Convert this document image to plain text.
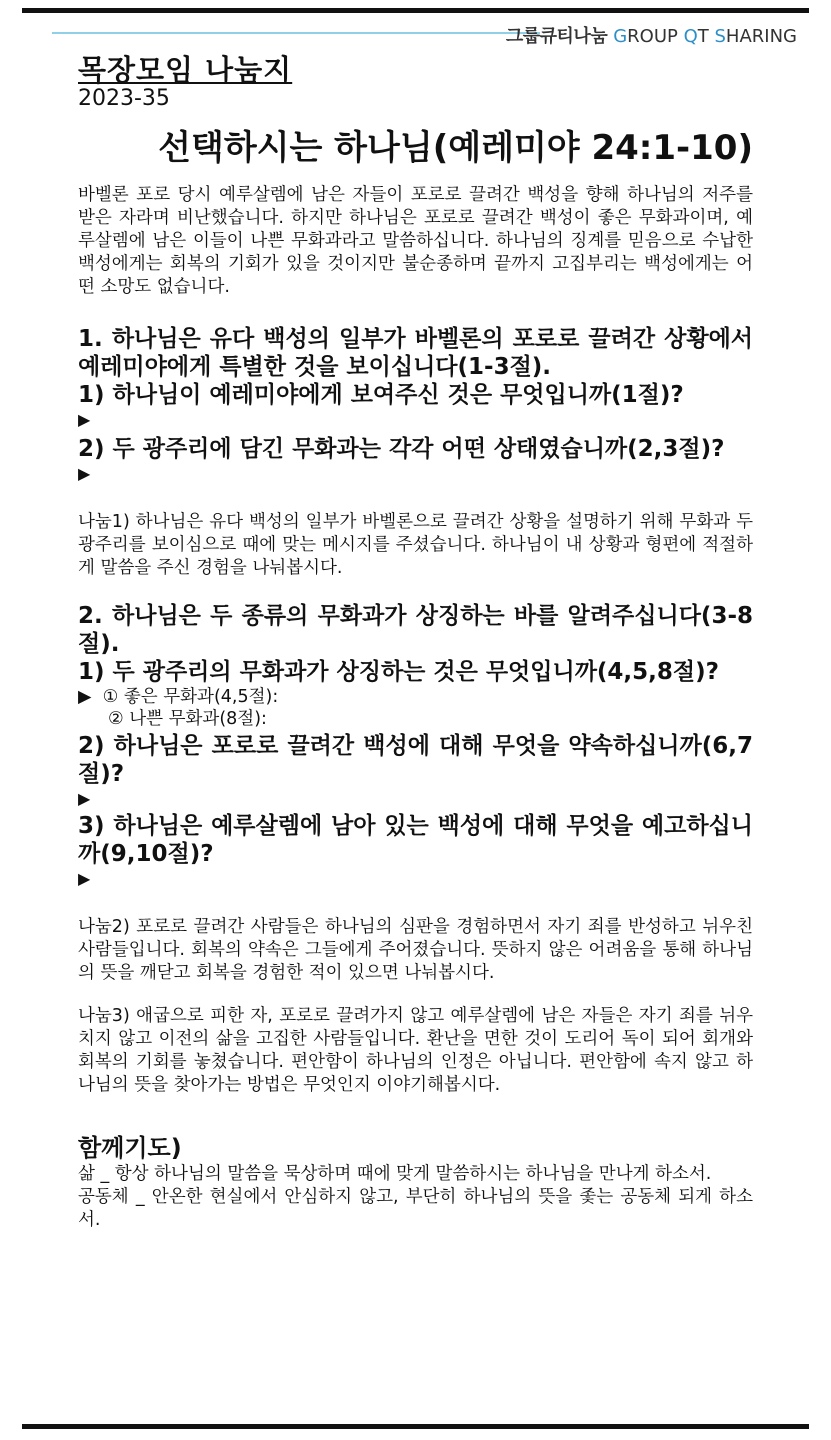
그룹큐티나눔 GROUP QT SHARING
목장모임 나눔지
2023-35
선택하시는 하나님(예레미야 24:1-10)

바벨론 포로 당시 예루살렘에 남은 자들이 포로로 끌려간 백성을 향해 하나님의 저주를 받은 자라며 비난했습니다. 하지만 하나님은 포로로 끌려간 백성이 좋은 무화과이며, 예루살렘에 남은 이들이 나쁜 무화과라고 말씀하십니다. 하나님의 징계를 믿음으로 수납한 백성에게는 회복의 기회가 있을 것이지만 불순종하며 끝까지 고집부리는 백성에게는 어떤 소망도 없습니다.

1. 하나님은 유다 백성의 일부가 바벨론의 포로로 끌려간 상황에서 예레미야에게 특별한 것을 보이십니다(1-3절).

1) 하나님이 예레미야에게 보여주신 것은 무엇입니까(1절)?

▶

2) 두 광주리에 담긴 무화과는 각각 어떤 상태였습니까(2,3절)?

▶

나눔1) 하나님은 유다 백성의 일부가 바벨론으로 끌려간 상황을 설명하기 위해 무화과 두 광주리를 보이심으로 때에 맞는 메시지를 주셨습니다. 하나님이 내 상황과 형편에 적절하게 말씀을 주신 경험을 나눠봅시다.

2. 하나님은 두 종류의 무화과가 상징하는 바를 알려주십니다(3-8절).

1) 두 광주리의 무화과가 상징하는 것은 무엇입니까(4,5,8절)?

▶ ① 좋은 무화과(4,5절):

② 나쁜 무화과(8절):

2) 하나님은 포로로 끌려간 백성에 대해 무엇을 약속하십니까(6,7절)?

▶

3) 하나님은 예루살렘에 남아 있는 백성에 대해 무엇을 예고하십니까(9,10절)?

▶

나눔2) 포로로 끌려간 사람들은 하나님의 심판을 경험하면서 자기 죄를 반성하고 뉘우친 사람들입니다. 회복의 약속은 그들에게 주어졌습니다. 뜻하지 않은 어려움을 통해 하나님의 뜻을 깨닫고 회복을 경험한 적이 있으면 나눠봅시다.

나눔3) 애굽으로 피한 자, 포로로 끌려가지 않고 예루살렘에 남은 자들은 자기 죄를 뉘우치지 않고 이전의 삶을 고집한 사람들입니다. 환난을 면한 것이 도리어 독이 되어 회개와 회복의 기회를 놓쳤습니다. 편안함이 하나님의 인정은 아닙니다. 편안함에 속지 않고 하나님의 뜻을 찾아가는 방법은 무엇인지 이야기해봅시다.

함께기도)

삶 _ 항상 하나님의 말씀을 묵상하며 때에 맞게 말씀하시는 하나님을 만나게 하소서.

공동체 _ 안온한 현실에서 안심하지 않고, 부단히 하나님의 뜻을 좇는 공동체 되게 하소서.
